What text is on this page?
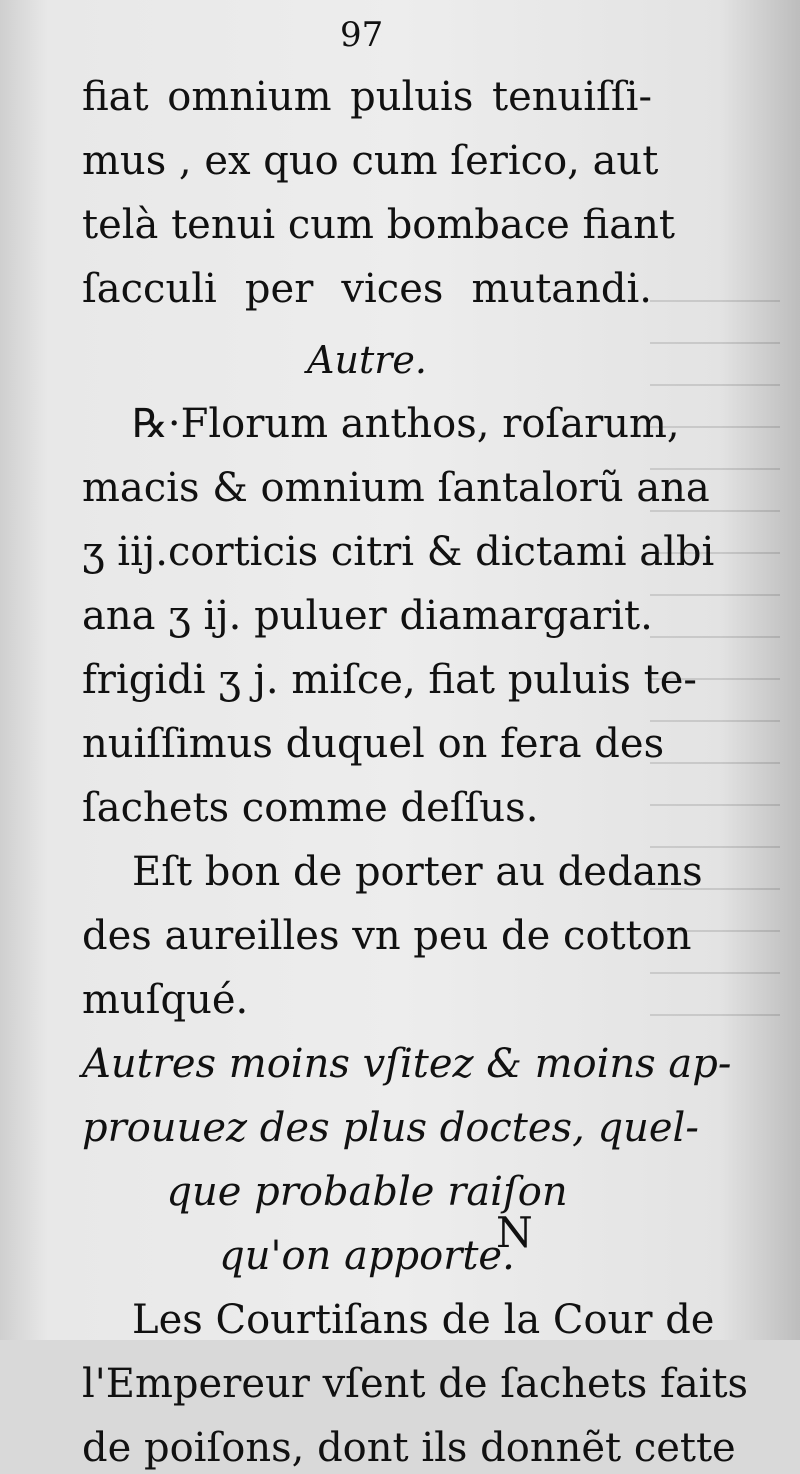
97
fiat omnium puluis tenuiſſi-
mus , ex quo cum ſerico, aut
telà tenui cum bombace fiant
ſacculi per vices mutandi.
Autre.
℞·Florum anthos, roſarum,
macis & omnium ſantalorũ ana
ʒ iij.corticis citri & dictami albi
ana ʒ ij. puluer diamargarit.
frigidi ʒ j. miſce, fiat puluis te-
nuiſſimus duquel on fera des
ſachets comme deſſus.
Eſt bon de porter au dedans
des aureilles vn peu de cotton
muſqué.
Autres moins vſitez & moins ap-
prouuez des plus doctes, quel-
que probable raiſon
qu'on apporte.
Les Courtiſans de la Cour de
l'Empereur vſent de ſachets faits
de poiſons, dont ils donnẽt cette
N
